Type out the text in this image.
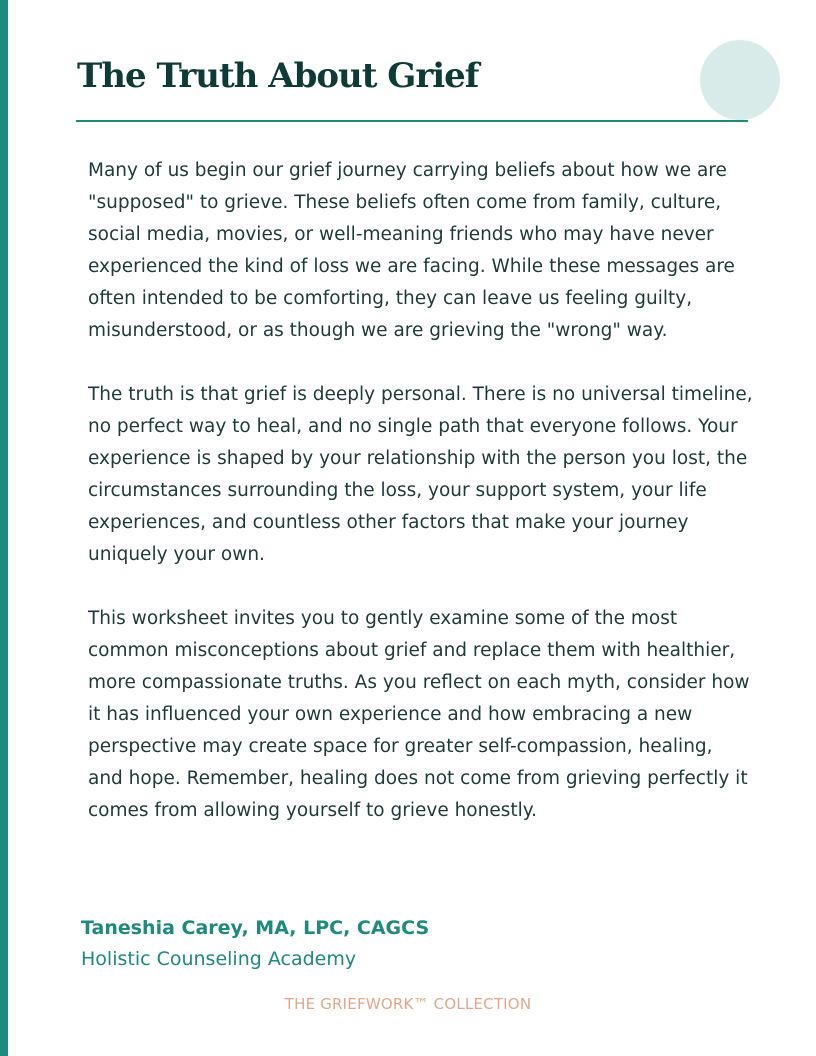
The Truth About Grief

Many of us begin our grief journey carrying beliefs about how we are "supposed" to grieve. These beliefs often come from family, culture, social media, movies, or well-meaning friends who may have never experienced the kind of loss we are facing. While these messages are often intended to be comforting, they can leave us feeling guilty, misunderstood, or as though we are grieving the "wrong" way.

The truth is that grief is deeply personal. There is no universal timeline, no perfect way to heal, and no single path that everyone follows. Your experience is shaped by your relationship with the person you lost, the circumstances surrounding the loss, your support system, your life experiences, and countless other factors that make your journey uniquely your own.

This worksheet invites you to gently examine some of the most common misconceptions about grief and replace them with healthier, more compassionate truths. As you reflect on each myth, consider how it has influenced your own experience and how embracing a new perspective may create space for greater self-compassion, healing, and hope. Remember, healing does not come from grieving perfectly it comes from allowing yourself to grieve honestly.

Taneshia Carey, MA, LPC, CAGCS
Holistic Counseling Academy
THE GRIEFWORK™ COLLECTION
